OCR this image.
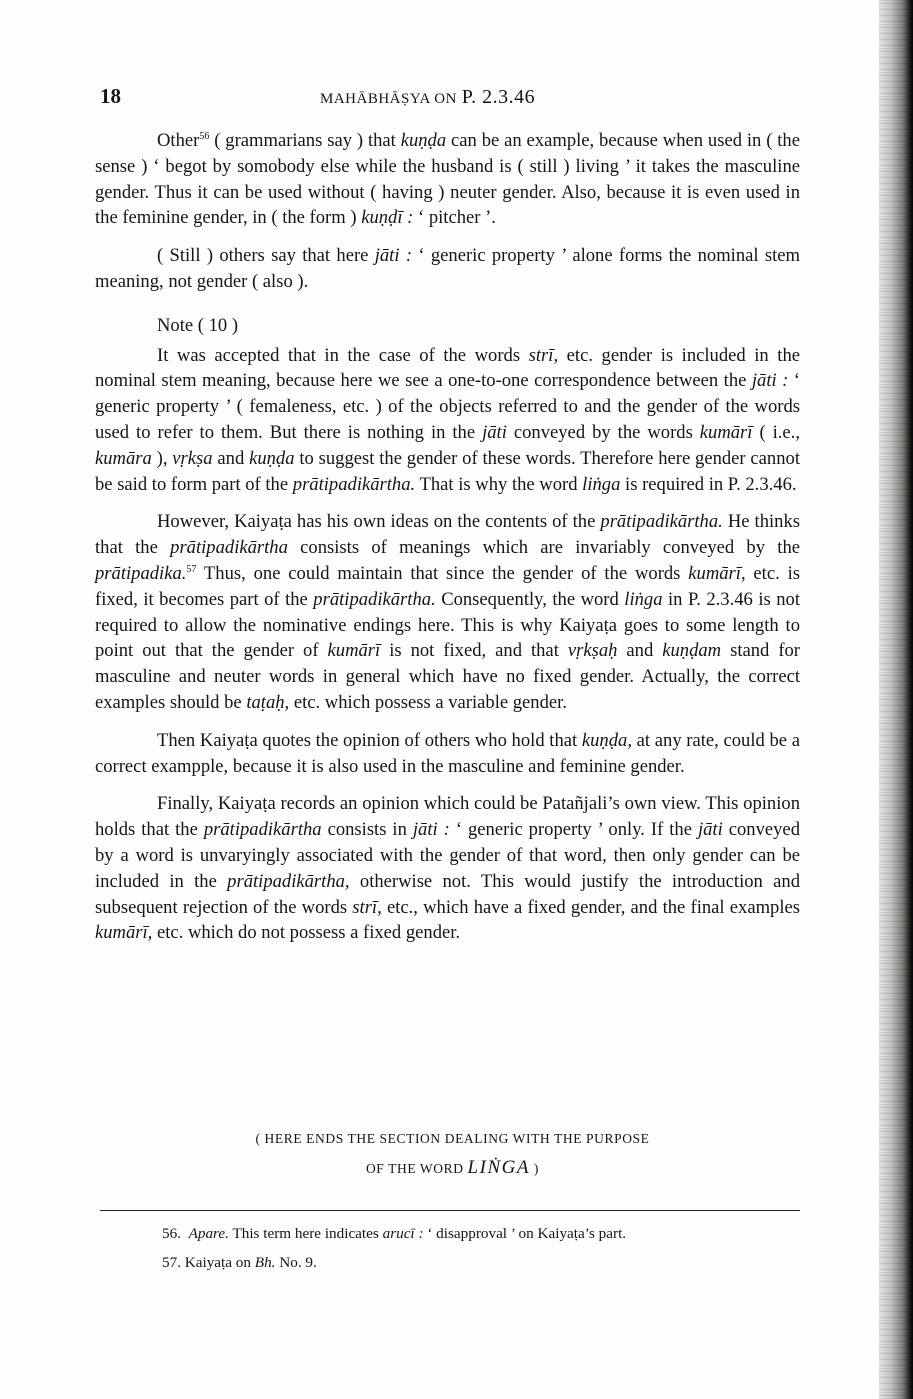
18	MAHĀBHĀṢYA ON P. 2.3.46

Other$^{56}$ ( grammarians say ) that kuṇḍa can be an example, because when used in ( the sense ) ‘ begot by somobody else while the husband is ( still ) living ’ it takes the masculine gender. Thus it can be used without ( having ) neuter gender. Also, because it is even used in the feminine gender, in ( the form ) kuṇḍī : ‘ pitcher ’.

( Still ) others say that here jāti : ‘ generic property ’ alone forms the nominal stem meaning, not gender ( also ).

Note ( 10 )

It was accepted that in the case of the words strī, etc. gender is included in the nominal stem meaning, because here we see a one-to-one correspondence between the jāti : ‘ generic property ’ ( femaleness, etc. ) of the objects referred to and the gender of the words used to refer to them. But there is nothing in the jāti conveyed by the words kumārī ( i.e., kumāra ), vṛkṣa and kuṇḍa to suggest the gender of these words. Therefore here gender cannot be said to form part of the prātipadikārtha. That is why the word liṅga is required in P. 2.3.46.

However, Kaiyaṭa has his own ideas on the contents of the prātipadikārtha. He thinks that the prātipadikārtha consists of meanings which are invariably conveyed by the prātipadika.$^{57}$ Thus, one could maintain that since the gender of the words kumārī, etc. is fixed, it becomes part of the prātipadikārtha. Consequently, the word liṅga in P. 2.3.46 is not required to allow the nominative endings here. This is why Kaiyaṭa goes to some length to point out that the gender of kumārī is not fixed, and that vṛkṣaḥ and kuṇḍam stand for masculine and neuter words in general which have no fixed gender. Actually, the correct examples should be taṭaḥ, etc. which possess a variable gender.

Then Kaiyaṭa quotes the opinion of others who hold that kuṇḍa, at any rate, could be a correct exampple, because it is also used in the masculine and feminine gender.

Finally, Kaiyaṭa records an opinion which could be Patañjali’s own view. This opinion holds that the prātipadikārtha consists in jāti : ‘ generic property ’ only. If the jāti conveyed by a word is unvaryingly associated with the gender of that word, then only gender can be included in the prātipadikārtha, otherwise not. This would justify the introduction and subsequent rejection of the words strī, etc., which have a fixed gender, and the final examples kumārī, etc. which do not possess a fixed gender.

( HERE ENDS THE SECTION DEALING WITH THE PURPOSE
OF THE WORD LIṄGA )
56. Apare. This term here indicates arucī : ‘ disapproval ’ on Kaiyaṭa’s part.
57. Kaiyaṭa on Bh. No. 9.
